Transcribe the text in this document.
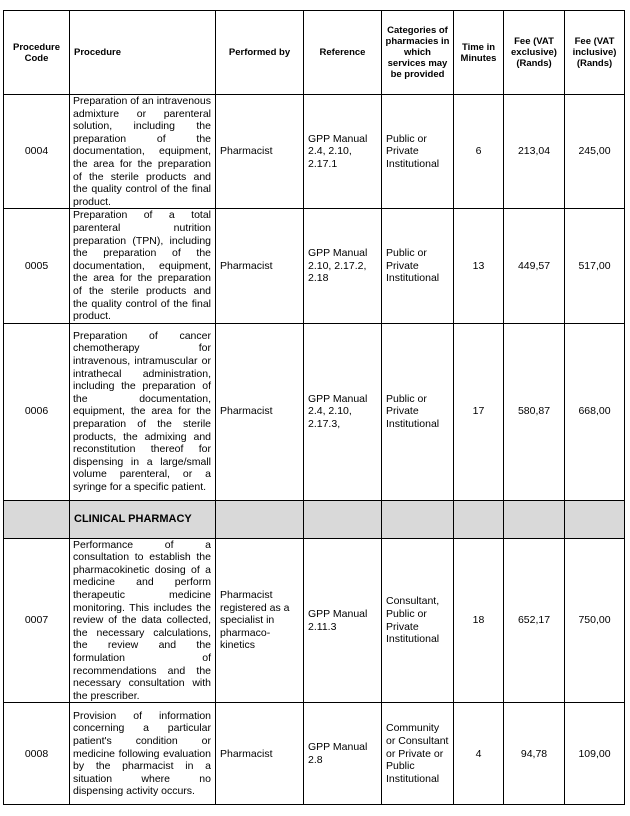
Procedure Code	Procedure	Performed by	Reference	Categories of pharmacies in which services may be provided	Time in Minutes	Fee (VAT exclusive) (Rands)	Fee (VAT inclusive) (Rands)
0004	Preparation of an intravenous admixture or parenteral solution, including the preparation of the documentation, equipment, the area for the preparation of the sterile products and the quality control of the final product.	Pharmacist	GPP Manual 2.4, 2.10, 2.17.1	Public or Private Institutional	6	213,04	245,00
0005	Preparation of a total parenteral nutrition preparation (TPN), including the preparation of the documentation, equipment, the area for the preparation of the sterile products and the quality control of the final product.	Pharmacist	GPP Manual 2.10, 2.17.2, 2.18	Public or Private Institutional	13	449,57	517,00
0006	Preparation of cancer chemotherapy for intravenous, intramuscular or intrathecal administration, including the preparation of the documentation, equipment, the area for the preparation of the sterile products, the admixing and reconstitution thereof for dispensing in a large/small volume parenteral, or a syringe for a specific patient.	Pharmacist	GPP Manual 2.4, 2.10, 2.17.3,	Public or Private Institutional	17	580,87	668,00
	CLINICAL PHARMACY						
0007	Performance of a consultation to establish the pharmacokinetic dosing of a medicine and perform therapeutic medicine monitoring. This includes the review of the data collected, the necessary calculations, the review and the formulation of recommendations and the necessary consultation with the prescriber.	Pharmacist registered as a specialist in pharmaco-kinetics	GPP Manual 2.11.3	Consultant, Public or Private Institutional	18	652,17	750,00
0008	Provision of information concerning a particular patient's condition or medicine following evaluation by the pharmacist in a situation where no dispensing activity occurs.	Pharmacist	GPP Manual 2.8	Community or Consultant or Private or Public Institutional	4	94,78	109,00
